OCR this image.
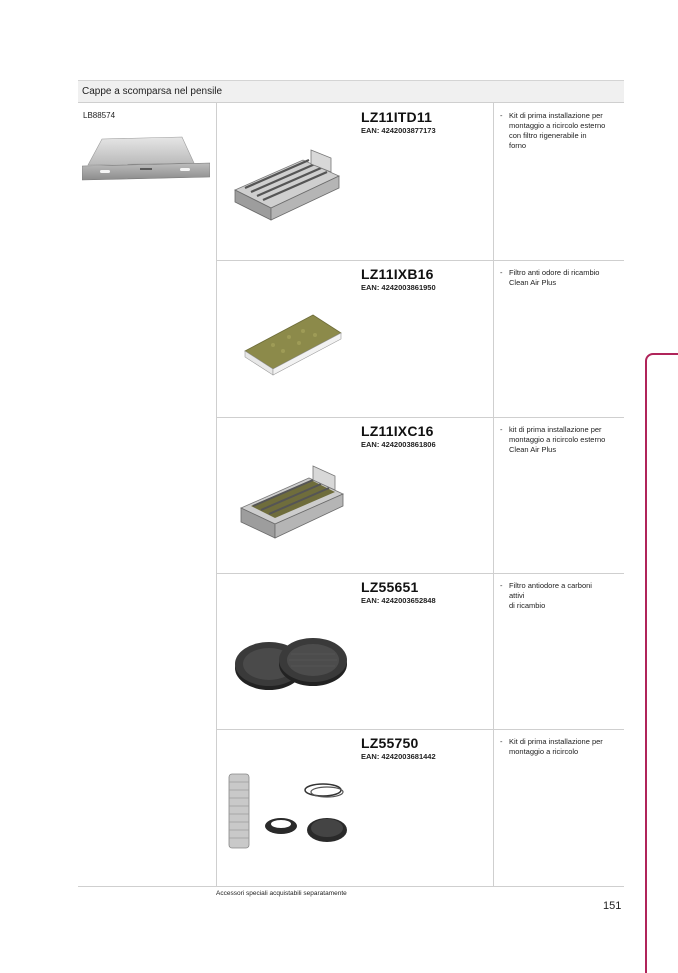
Cappe a scomparsa nel pensile
LB88574	LZ11ITD11
EAN: 4242003877173
- Kit di prima installazione per
montaggio a ricircolo esterno
con filtro rigenerabile in
forno
LZ11IXB16
EAN: 4242003861950
- Filtro anti odore di ricambio
Clean Air Plus
LZ11IXC16
EAN: 4242003861806
- kit di prima installazione per
montaggio a ricircolo esterno
Clean Air Plus
LZ55651
EAN: 4242003652848
- Filtro antiodore a carboni
attivi
di ricambio
LZ55750
EAN: 4242003681442
- Kit di prima installazione per
montaggio a ricircolo
Accessori speciali acquistabili separatamente
151
